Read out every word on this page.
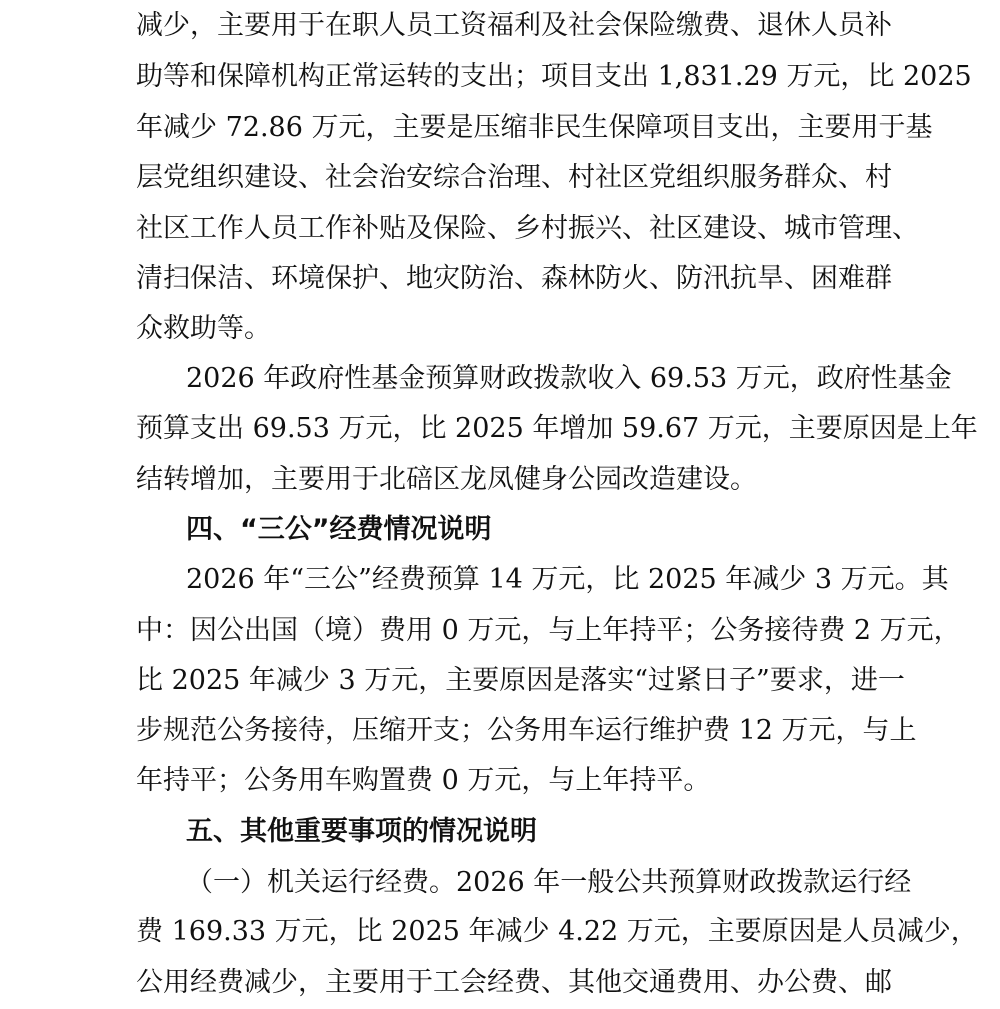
减少，主要用于在职人员工资福利及社会保险缴费、退休人员补
助等和保障机构正常运转的支出；项目支出 1,831.29 万元，比 2025
年减少 72.86 万元，主要是压缩非民生保障项目支出，主要用于基
层党组织建设、社会治安综合治理、村社区党组织服务群众、村
社区工作人员工作补贴及保险、乡村振兴、社区建设、城市管理、
清扫保洁、环境保护、地灾防治、森林防火、防汛抗旱、困难群
众救助等。
2026 年政府性基金预算财政拨款收入 69.53 万元，政府性基金
预算支出 69.53 万元，比 2025 年增加 59.67 万元，主要原因是上年
结转增加，主要用于北碚区龙凤健身公园改造建设。
四、“三公”经费情况说明
2026 年“三公”经费预算 14 万元，比 2025 年减少 3 万元。其
中：因公出国（境）费用 0 万元，与上年持平；公务接待费 2 万元，
比 2025 年减少 3 万元，主要原因是落实“过紧日子”要求，进一
步规范公务接待，压缩开支；公务用车运行维护费 12 万元，与上
年持平；公务用车购置费 0 万元，与上年持平。
五、其他重要事项的情况说明
（一）机关运行经费。2026 年一般公共预算财政拨款运行经
费 169.33 万元，比 2025 年减少 4.22 万元，主要原因是人员减少，
公用经费减少，主要用于工会经费、其他交通费用、办公费、邮
